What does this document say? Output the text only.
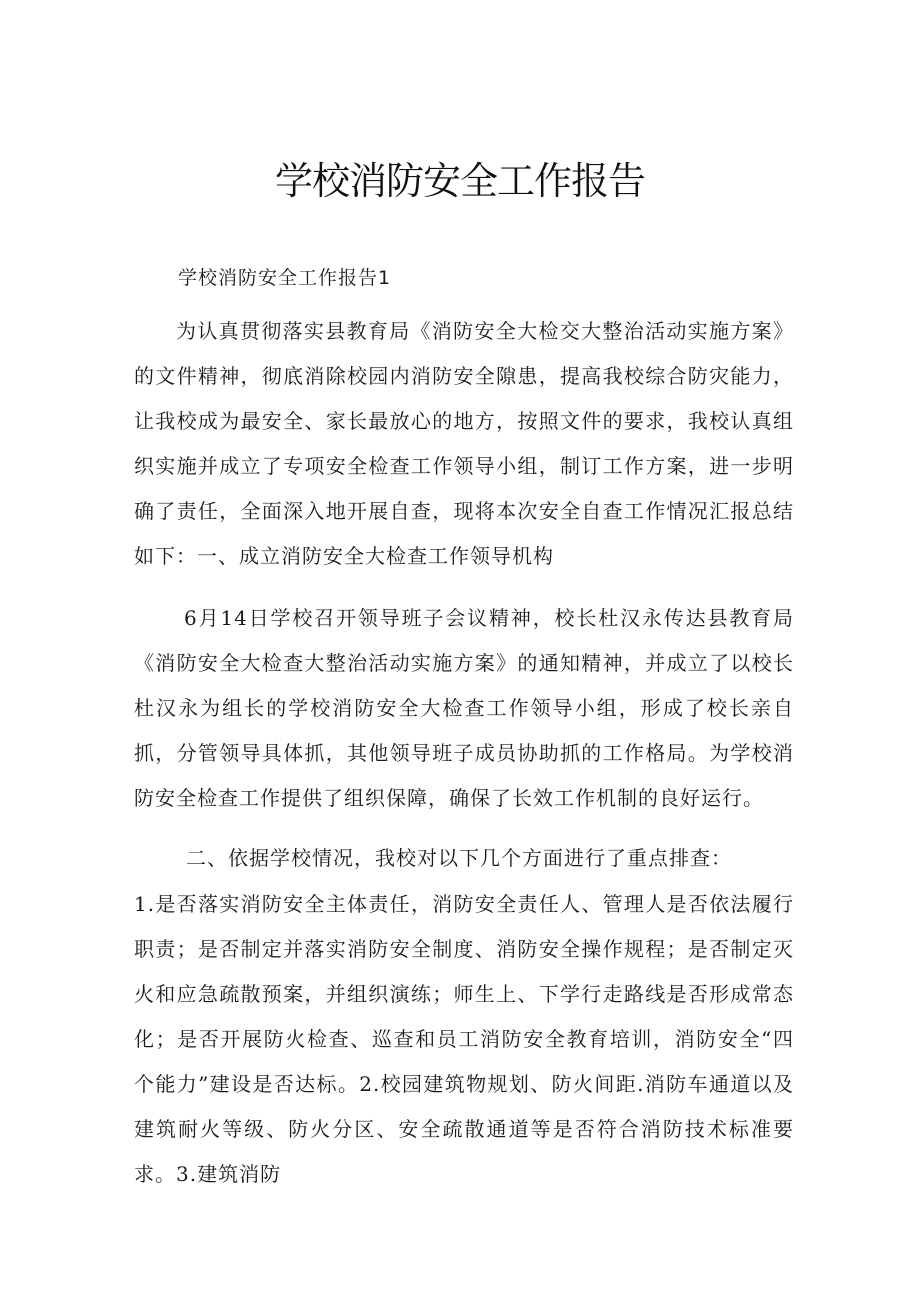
学校消防安全工作报告
学校消防安全工作报告1

为认真贯彻落实县教育局《消防安全大检交大整治活动实施方案》的文件精神，彻底消除校园内消防安全隙患，提高我校综合防灾能力，让我校成为最安全、家长最放心的地方，按照文件的要求，我校认真组织实施并成立了专项安全检查工作领导小组，制订工作方案，进一步明确了责任，全面深入地开展自查，现将本次安全自查工作情况汇报总结如下：一、成立消防安全大检查工作领导机构

6月14日学校召开领导班子会议精神，校长杜汉永传达县教育局《消防安全大检查大整治活动实施方案》的通知精神，并成立了以校长杜汉永为组长的学校消防安全大检查工作领导小组，形成了校长亲自抓，分管领导具体抓，其他领导班子成员协助抓的工作格局。为学校消防安全检查工作提供了组织保障，确保了长效工作机制的良好运行。

二、依据学校情况，我校对以下几个方面进行了重点排查：

1.是否落实消防安全主体责任，消防安全责任人、管理人是否依法履行职责；是否制定并落实消防安全制度、消防安全操作规程；是否制定灭火和应急疏散预案，并组织演练；师生上、下学行走路线是否形成常态化；是否开展防火检查、巡查和员工消防安全教育培训，消防安全“四个能力”建设是否达标。2.校园建筑物规划、防火间距.消防车通道以及建筑耐火等级、防火分区、安全疏散通道等是否符合消防技术标准要求。3.建筑消防
